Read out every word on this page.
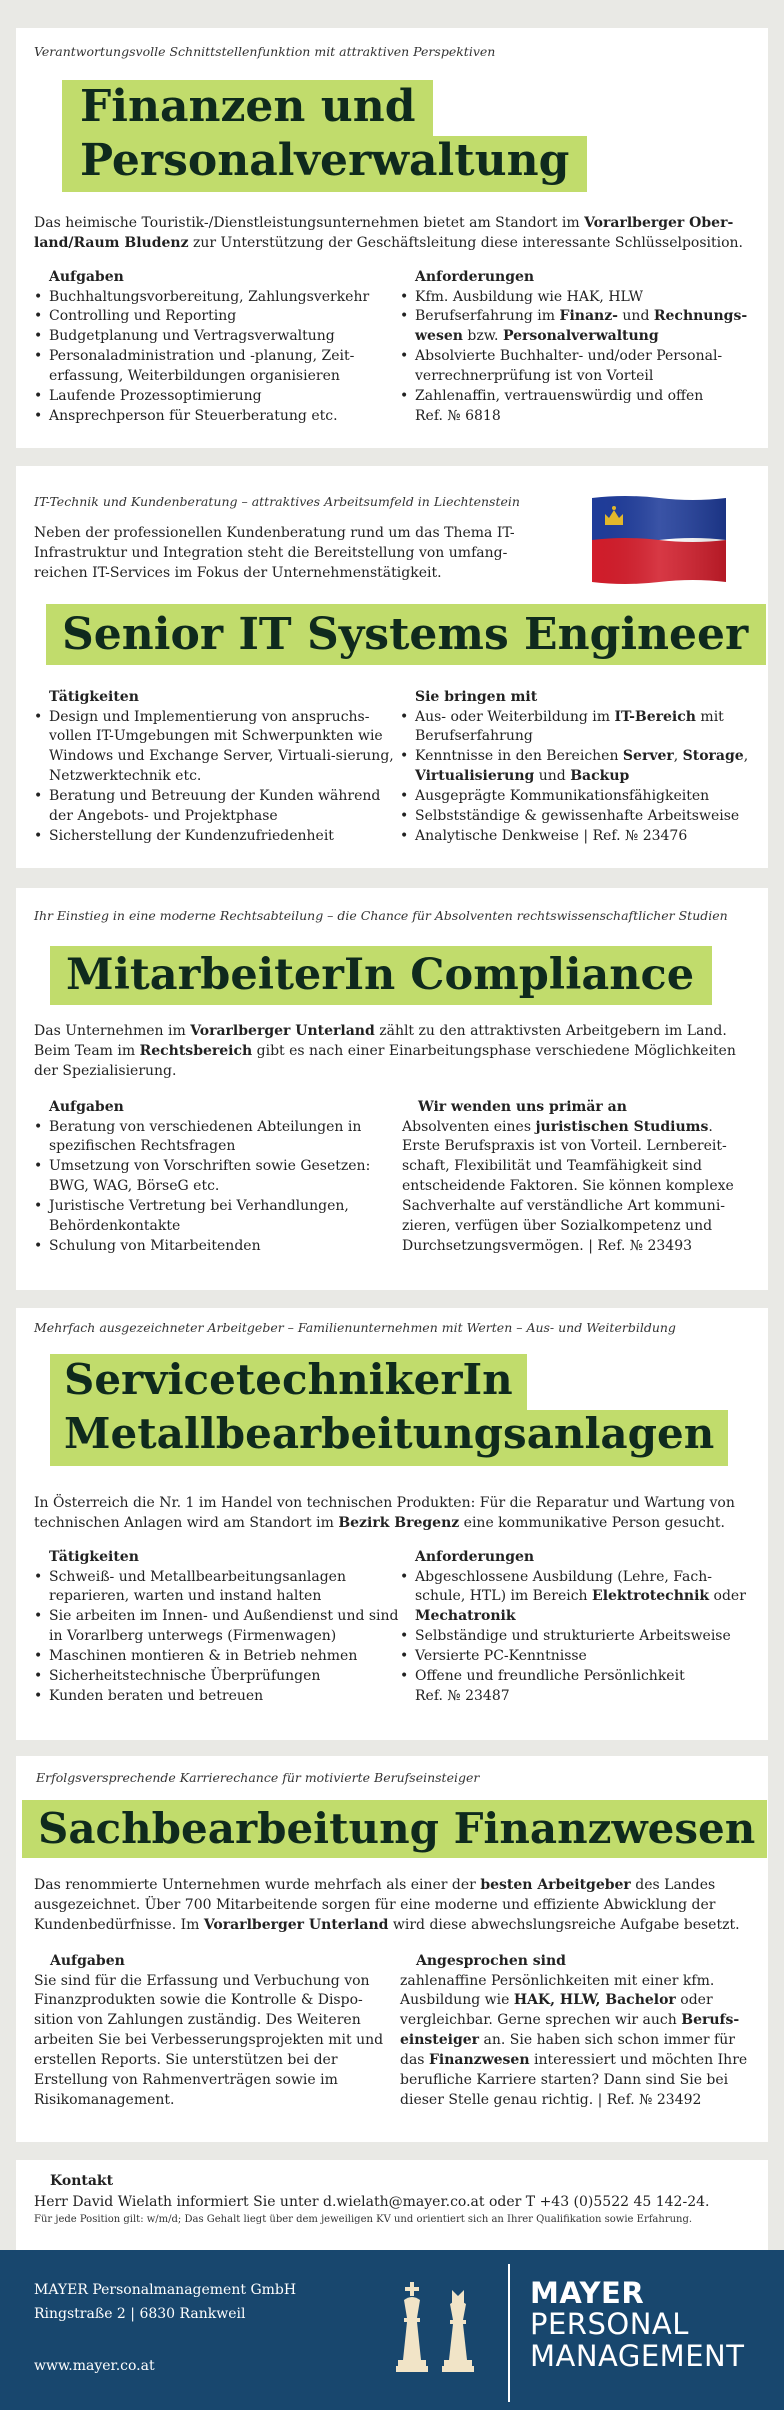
Verantwortungsvolle Schnittstellenfunktion mit attraktiven Perspektiven
Finanzen und
Personalverwaltung

Das heimische Touristik-/Dienstleistungsunternehmen bietet am Standort im Vorarlberger Ober-land/Raum Bludenz zur Unterstützung der Geschäftsleitung diese interessante Schlüsselposition.

Aufgaben
• Buchhaltungsvorbereitung, Zahlungsverkehr
• Controlling und Reporting
• Budgetplanung und Vertragsverwaltung
• Personaladministration und -planung, Zeit-erfassung, Weiterbildungen organisieren
• Laufende Prozessoptimierung
• Ansprechperson für Steuerberatung etc.
Anforderungen
• Kfm. Ausbildung wie HAK, HLW
• Berufserfahrung im Finanz- und Rechnungs-wesen bzw. Personalverwaltung
• Absolvierte Buchhalter- und/oder Personal-verrechnerprüfung ist von Vorteil
• Zahlenaffin, vertrauenswürdig und offen
Ref. № 6818
IT-Technik und Kundenberatung – attraktives Arbeitsumfeld in Liechtenstein

Neben der professionellen Kundenberatung rund um das Thema IT-Infrastruktur und Integration steht die Bereitstellung von umfang-reichen IT-Services im Fokus der Unternehmenstätigkeit.

Senior IT Systems Engineer
Tätigkeiten
• Design und Implementierung von anspruchs-vollen IT-Umgebungen mit Schwerpunkten wie Windows und Exchange Server, Virtuali-sierung, Netzwerktechnik etc.
• Beratung und Betreuung der Kunden während der Angebots- und Projektphase
• Sicherstellung der Kundenzufriedenheit
Sie bringen mit
• Aus- oder Weiterbildung im IT-Bereich mit Berufserfahrung
• Kenntnisse in den Bereichen Server, Storage, Virtualisierung und Backup
• Ausgeprägte Kommunikationsfähigkeiten
• Selbstständige & gewissenhafte Arbeitsweise
• Analytische Denkweise | Ref. № 23476
Ihr Einstieg in eine moderne Rechtsabteilung – die Chance für Absolventen rechtswissenschaftlicher Studien
MitarbeiterIn Compliance

Das Unternehmen im Vorarlberger Unterland zählt zu den attraktivsten Arbeitgebern im Land. Beim Team im Rechtsbereich gibt es nach einer Einarbeitungsphase verschiedene Möglichkeiten der Spezialisierung.

Aufgaben
• Beratung von verschiedenen Abteilungen in spezifischen Rechtsfragen
• Umsetzung von Vorschriften sowie Gesetzen: BWG, WAG, BörseG etc.
• Juristische Vertretung bei Verhandlungen, Behördenkontakte
• Schulung von Mitarbeitenden
Wir wenden uns primär an

Absolventen eines juristischen Studiums. Erste Berufspraxis ist von Vorteil. Lernbereit-schaft, Flexibilität und Teamfähigkeit sind entscheidende Faktoren. Sie können komplexe Sachverhalte auf verständliche Art kommuni-zieren, verfügen über Sozialkompetenz und Durchsetzungsvermögen. | Ref. № 23493

Mehrfach ausgezeichneter Arbeitgeber – Familienunternehmen mit Werten – Aus- und Weiterbildung
ServicetechnikerIn
Metallbearbeitungsanlagen

In Österreich die Nr. 1 im Handel von technischen Produkten: Für die Reparatur und Wartung von technischen Anlagen wird am Standort im Bezirk Bregenz eine kommunikative Person gesucht.

Tätigkeiten
• Schweiß- und Metallbearbeitungsanlagen reparieren, warten und instand halten
• Sie arbeiten im Innen- und Außendienst und sind in Vorarlberg unterwegs (Firmenwagen)
• Maschinen montieren & in Betrieb nehmen
• Sicherheitstechnische Überprüfungen
• Kunden beraten und betreuen
Anforderungen
• Abgeschlossene Ausbildung (Lehre, Fach-schule, HTL) im Bereich Elektrotechnik oder Mechatronik
• Selbständige und strukturierte Arbeitsweise
• Versierte PC-Kenntnisse
• Offene und freundliche Persönlichkeit
Ref. № 23487
Erfolgsversprechende Karrierechance für motivierte Berufseinsteiger
Sachbearbeitung Finanzwesen

Das renommierte Unternehmen wurde mehrfach als einer der besten Arbeitgeber des Landes ausgezeichnet. Über 700 Mitarbeitende sorgen für eine moderne und effiziente Abwicklung der Kundenbedürfnisse. Im Vorarlberger Unterland wird diese abwechslungsreiche Aufgabe besetzt.

Aufgaben

Sie sind für die Erfassung und Verbuchung von Finanzprodukten sowie die Kontrolle & Dispo-sition von Zahlungen zuständig. Des Weiteren arbeiten Sie bei Verbesserungsprojekten mit und erstellen Reports. Sie unterstützen bei der Erstellung von Rahmenverträgen sowie im Risikomanagement.

Angesprochen sind

zahlenaffine Persönlichkeiten mit einer kfm. Ausbildung wie HAK, HLW, Bachelor oder vergleichbar. Gerne sprechen wir auch Berufs-einsteiger an. Sie haben sich schon immer für das Finanzwesen interessiert und möchten Ihre berufliche Karriere starten? Dann sind Sie bei dieser Stelle genau richtig. | Ref. № 23492

Kontakt

Herr David Wielath informiert Sie unter d.wielath@mayer.co.at oder T +43 (0)5522 45 142-24.

Für jede Position gilt: w/m/d; Das Gehalt liegt über dem jeweiligen KV und orientiert sich an Ihrer Qualifikation sowie Erfahrung.

MAYER Personalmanagement GmbH
Ringstraße 2 | 6830 Rankweil
www.mayer.co.at
MAYER
PERSONAL
MANAGEMENT
